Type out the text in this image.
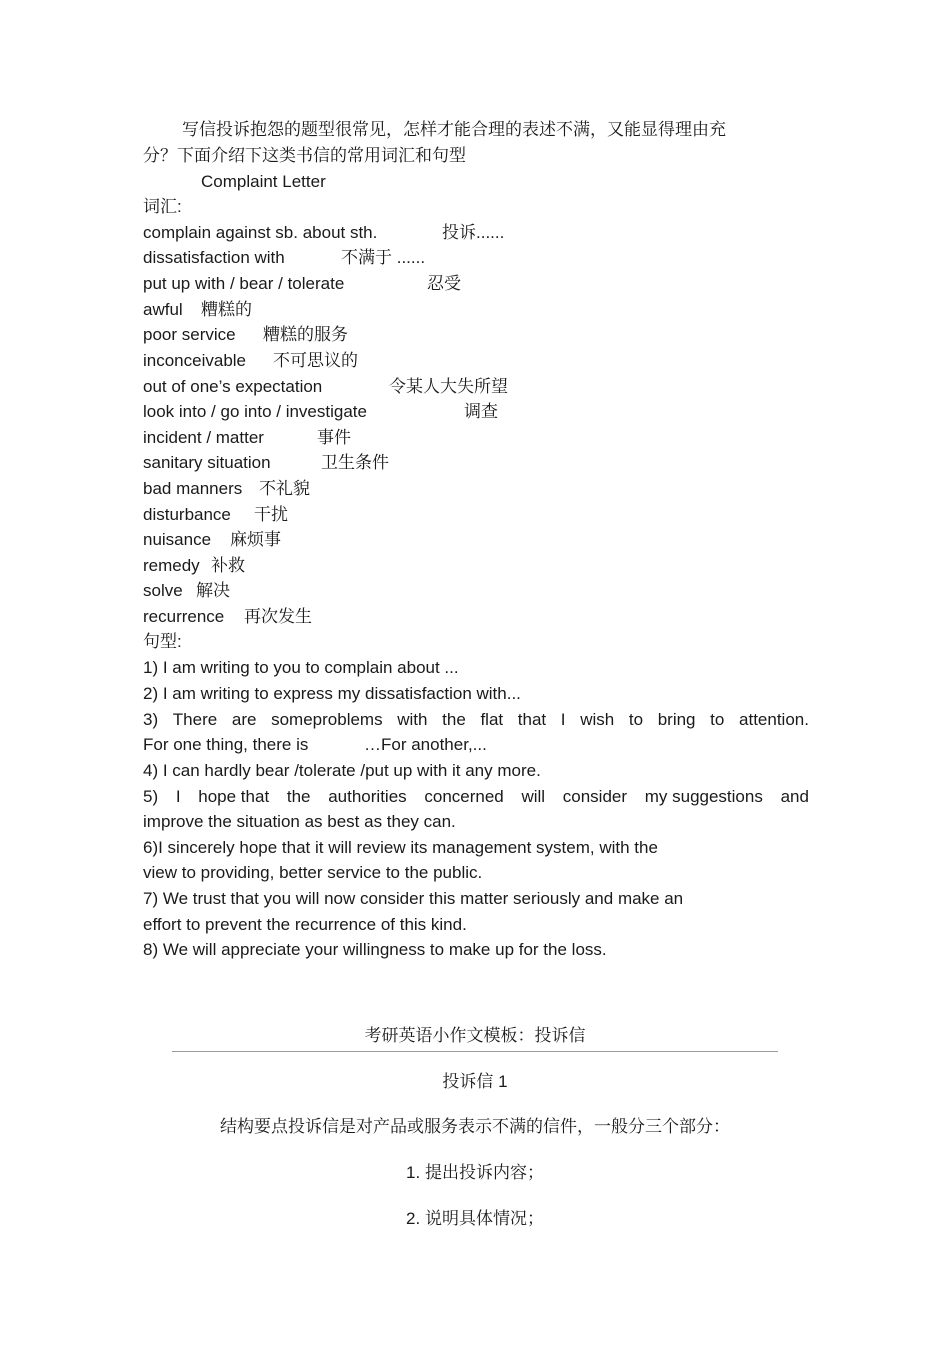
写信投诉抱怨的题型很常见，怎样才能合理的表述不满，又能显得理由充
分？下面介绍下这类书信的常用词汇和句型
Complaint Letter
词汇:
complain against sb. about sth.	投诉......
dissatisfaction with	不满于 ......
put up with / bear / tolerate	忍受
awful 糟糕的
poor service 糟糕的服务
inconceivable 不可思议的
out of one’s expectation	令某人大失所望
look into / go into / investigate	调查
incident / matter	事件
sanitary situation	卫生条件
bad manners 不礼貌
disturbance 干扰
nuisance 麻烦事
remedy 补救
solve 解决
recurrence 再次发生
句型:
1) I am writing to you to complain about ...
2) I am writing to express my dissatisfaction with...
3) There are someproblems with the flat that I wish to bring to attention.
For one thing, there is	…For another,...
4) I can hardly bear /tolerate /put up with it any more.
5) I hope that the authorities concerned will consider my suggestions and
improve the situation as best as they can.
6)I sincerely hope that it will review its management system, with the
view to providing, better service to the public.
7) We trust that you will now consider this matter seriously and make an
effort to prevent the recurrence of this kind.
8) We will appreciate your willingness to make up for the loss.
考研英语小作文模板：投诉信
投诉信 1
结构要点投诉信是对产品或服务表示不满的信件，一般分三个部分：
1. 提出投诉内容；
2. 说明具体情况；
